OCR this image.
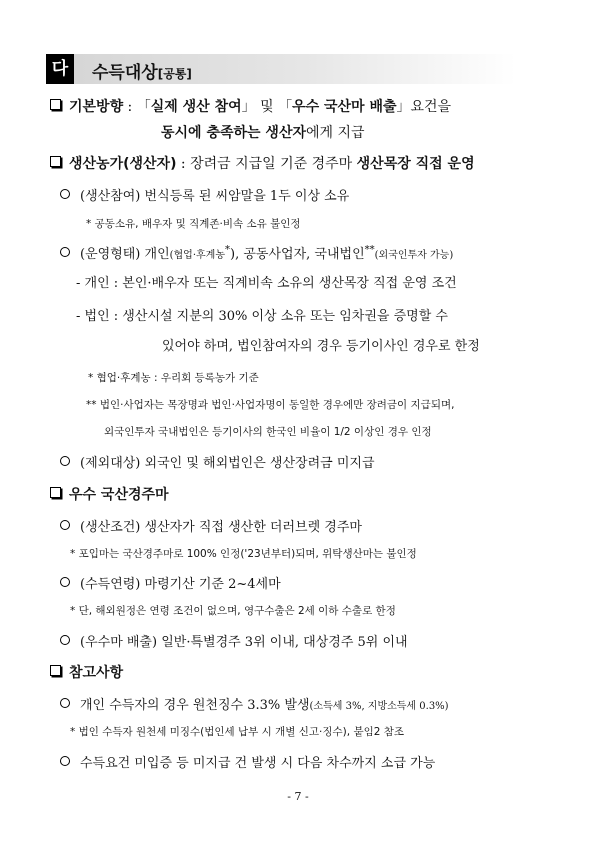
다	수득대상[공통]
기본방향 : 「실제 생산 참여」 및 「우수 국산마 배출」요건을
동시에 충족하는 생산자에게 지급
생산농가(생산자) : 장려금 지급일 기준 경주마 생산목장 직접 운영
(생산참여) 번식등록 된 씨암말을 1두 이상 소유
* 공동소유, 배우자 및 직계존·비속 소유 불인정
(운영형태) 개인(협업·후계농*), 공동사업자, 국내법인**(외국인투자 가능)
- 개인 : 본인·배우자 또는 직계비속 소유의 생산목장 직접 운영 조건
- 법인 : 생산시설 지분의 30% 이상 소유 또는 임차권을 증명할 수
있어야 하며, 법인참여자의 경우 등기이사인 경우로 한정
* 협업·후계농 : 우리회 등록농가 기준
** 법인·사업자는 목장명과 법인·사업자명이 동일한 경우에만 장려금이 지급되며,
외국인투자 국내법인은 등기이사의 한국인 비율이 1/2 이상인 경우 인정
(제외대상) 외국인 및 해외법인은 생산장려금 미지급
우수 국산경주마
(생산조건) 생산자가 직접 생산한 더러브렛 경주마
* 포입마는 국산경주마로 100% 인정('23년부터)되며, 위탁생산마는 불인정
(수득연령) 마령기산 기준 2~4세마
* 단, 해외원정은 연령 조건이 없으며, 영구수출은 2세 이하 수출로 한정
(우수마 배출) 일반·특별경주 3위 이내, 대상경주 5위 이내
참고사항
개인 수득자의 경우 원천징수 3.3% 발생(소득세 3%, 지방소득세 0.3%)
* 법인 수득자 원천세 미징수(법인세 납부 시 개별 신고·징수), 붙임2 참조
수득요건 미입증 등 미지급 건 발생 시 다음 차수까지 소급 가능
- 7 -
